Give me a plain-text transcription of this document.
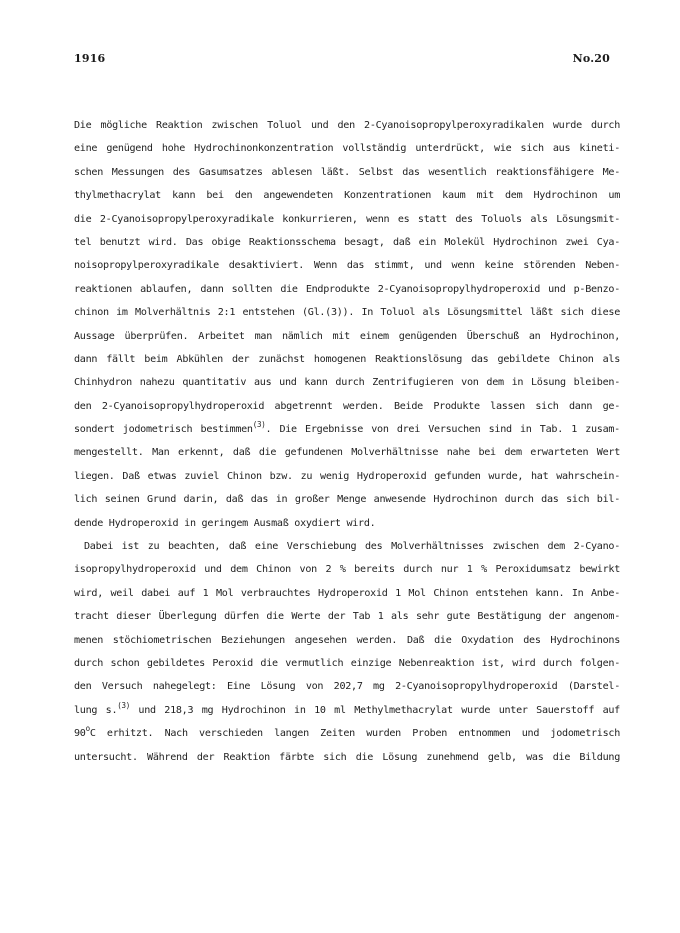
1916	No.20
Die mögliche Reaktion zwischen Toluol und den 2-Cyanoisopropylperoxyradikalen wurde durch
eine genügend hohe Hydrochinonkonzentration vollständig unterdrückt, wie sich aus kineti-
schen Messungen des Gasumsatzes ablesen läßt. Selbst das wesentlich reaktionsfähigere Me-
thylmethacrylat kann bei den angewendeten Konzentrationen kaum mit dem Hydrochinon um
die 2-Cyanoisopropylperoxyradikale konkurrieren, wenn es statt des Toluols als Lösungsmit-
tel benutzt wird. Das obige Reaktionsschema besagt, daß ein Molekül Hydrochinon zwei Cya-
noisopropylperoxyradikale desaktiviert. Wenn das stimmt, und wenn keine störenden Neben-
reaktionen ablaufen, dann sollten die Endprodukte 2-Cyanoisopropylhydroperoxid und p-Benzo-
chinon im Molverhältnis 2:1 entstehen (Gl.(3)). In Toluol als Lösungsmittel läßt sich diese
Aussage überprüfen. Arbeitet man nämlich mit einem genügenden Überschuß an Hydrochinon,
dann fällt beim Abkühlen der zunächst homogenen Reaktionslösung das gebildete Chinon als
Chinhydron nahezu quantitativ aus und kann durch Zentrifugieren von dem in Lösung bleiben-
den 2-Cyanoisopropylhydroperoxid abgetrennt werden. Beide Produkte lassen sich dann ge-
sondert jodometrisch bestimmen$^{(3)}$. Die Ergebnisse von drei Versuchen sind in Tab. 1 zusam-
mengestellt. Man erkennt, daß die gefundenen Molverhältnisse nahe bei dem erwarteten Wert
liegen. Daß etwas zuviel Chinon bzw. zu wenig Hydroperoxid gefunden wurde, hat wahrschein-
lich seinen Grund darin, daß das in großer Menge anwesende Hydrochinon durch das sich bil-
dende Hydroperoxid in geringem Ausmaß oxydiert wird.
Dabei ist zu beachten, daß eine Verschiebung des Molverhältnisses zwischen dem 2-Cyano-
isopropylhydroperoxid und dem Chinon von 2 % bereits durch nur 1 % Peroxidumsatz bewirkt
wird, weil dabei auf 1 Mol verbrauchtes Hydroperoxid 1 Mol Chinon entstehen kann. In Anbe-
tracht dieser Überlegung dürfen die Werte der Tab 1 als sehr gute Bestätigung der angenom-
menen stöchiometrischen Beziehungen angesehen werden. Daß die Oxydation des Hydrochinons
durch schon gebildetes Peroxid die vermutlich einzige Nebenreaktion ist, wird durch folgen-
den Versuch nahegelegt: Eine Lösung von 202,7 mg 2-Cyanoisopropylhydroperoxid (Darstel-
lung s.$^{(3)}$ und 218,3 mg Hydrochinon in 10 ml Methylmethacrylat wurde unter Sauerstoff auf
90$^o$C erhitzt. Nach verschieden langen Zeiten wurden Proben entnommen und jodometrisch
untersucht. Während der Reaktion färbte sich die Lösung zunehmend gelb, was die Bildung
